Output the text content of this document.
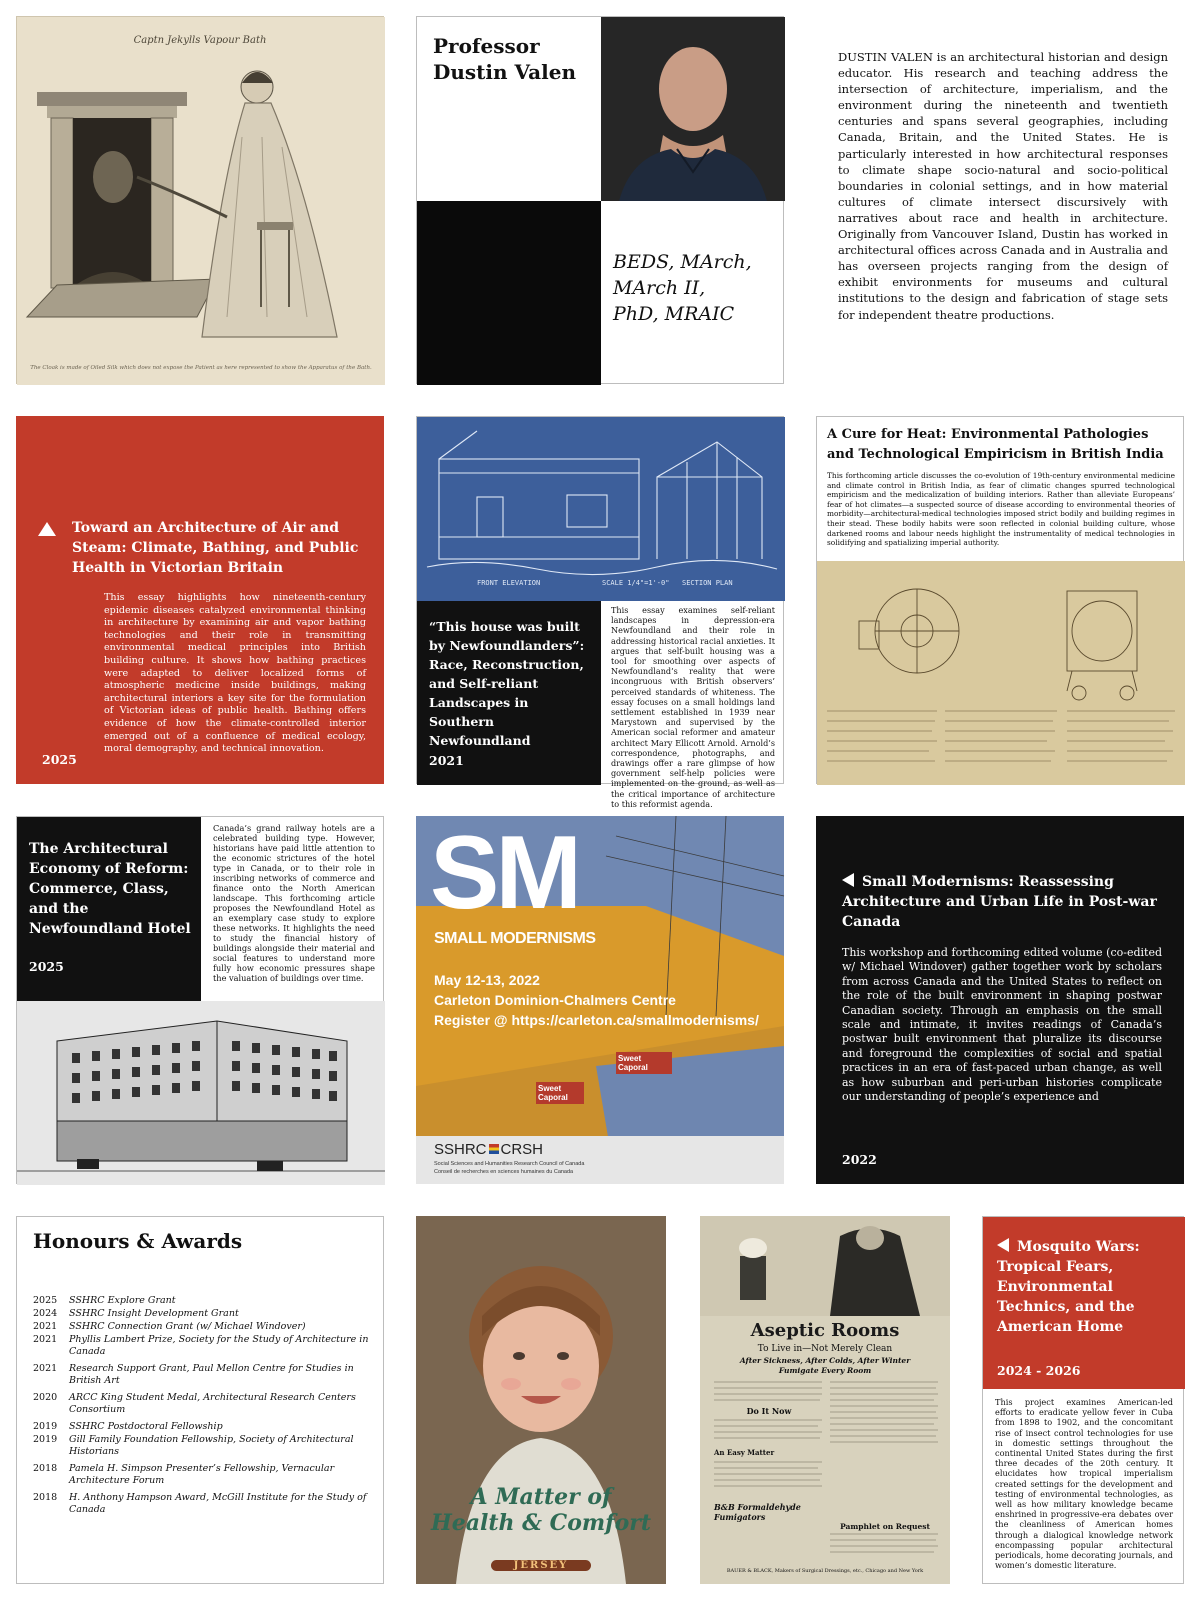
Captn Jekylls Vapour Bath
The Cloak is made of Oiled Silk which does not expose the Patient as here represented to show the Apparatus of the Bath.
Professor
Dustin Valen
BEDS, MArch,
MArch II,
PhD, MRAIC
DUSTIN VALEN is an architectural historian and design educator. His research and teaching address the intersection of architecture, imperialism, and the environment during the nineteenth and twentieth centuries and spans several geographies, including Canada, Britain, and the United States. He is particularly interested in how architectural responses to climate shape socio-natural and socio-political boundaries in colonial settings, and in how material cultures of climate intersect discursively with narratives about race and health in architecture. Originally from Vancouver Island, Dustin has worked in architectural offices across Canada and in Australia and has overseen projects ranging from the design of exhibit environments for museums and cultural institutions to the design and fabrication of stage sets for independent theatre productions.
Toward an Architecture of Air and Steam: Climate, Bathing, and Public Health in Victorian Britain
This essay highlights how nineteenth-century epidemic diseases catalyzed environmental thinking in architecture by examining air and vapor bathing technologies and their role in transmitting environmental medical principles into British building culture. It shows how bathing practices were adapted to deliver localized forms of atmospheric medicine inside buildings, making architectural interiors a key site for the formulation of Victorian ideas of public health. Bathing offers evidence of how the climate-controlled interior emerged out of a confluence of medical ecology, moral demography, and technical innovation.
2025
FRONT ELEVATION	SCALE 1/4"=1'-0" SECTION PLAN
“This house was built by Newfoundlanders”: Race, Reconstruction, and Self-reliant Landscapes in Southern Newfoundland
2021
This essay examines self-reliant landscapes in depression-era Newfoundland and their role in addressing historical racial anxieties. It argues that self-built housing was a tool for smoothing over aspects of Newfoundland’s reality that were incongruous with British observers’ perceived standards of whiteness. The essay focuses on a small holdings land settlement established in 1939 near Marystown and supervised by the American social reformer and amateur architect Mary Ellicott Arnold. Arnold’s correspondence, photographs, and drawings offer a rare glimpse of how government self-help policies were implemented on the ground, as well as the critical importance of architecture to this reformist agenda.
A Cure for Heat: Environmental Pathologies and Technological Empiricism in British India
This forthcoming article discusses the co-evolution of 19th-century environmental medicine and climate control in British India, as fear of climatic changes spurred technological empiricism and the medicalization of building interiors. Rather than alleviate Europeans’ fear of hot climates—a suspected source of disease according to environmental theories of morbidity—architectural-medical technologies imposed strict bodily and building regimes in their stead. These bodily habits were soon reflected in colonial building culture, whose darkened rooms and labour needs highlight the instrumentality of medical technologies in solidifying and spatializing imperial authority.
The Architectural Economy of Reform: Commerce, Class, and the Newfoundland Hotel
2025
Canada’s grand railway hotels are a celebrated building type. However, historians have paid little attention to the economic strictures of the hotel type in Canada, or to their role in inscribing networks of commerce and finance onto the North American landscape. This forthcoming article proposes the Newfoundland Hotel as an exemplary case study to explore these networks. It highlights the need to study the financial history of buildings alongside their material and social features to understand more fully how economic pressures shape the valuation of buildings over time.
SM
SMALL MODERNISMS
May 12-13, 2022
Carleton Dominion-Chalmers Centre
Register @ https://carleton.ca/smallmodernisms/
Sweet Caporal
Sweet Caporal
SSHRC CRSH
Social Sciences and Humanities Research Council of Canada
Conseil de recherches en sciences humaines du Canada
Small Modernisms: Reassessing Architecture and Urban Life in Post-war Canada
This workshop and forthcoming edited volume (co-edited w/ Michael Windover) gather together work by scholars from across Canada and the United States to reflect on the role of the built environment in shaping postwar Canadian society. Through an emphasis on the small scale and intimate, it invites readings of Canada’s postwar built environment that pluralize its discourse and foreground the complexities of social and spatial practices in an era of fast-paced urban change, as well as how suburban and peri-urban histories complicate our understanding of people’s experience and
2022
Honours & Awards
2025	SSHRC Explore Grant
2024	SSHRC Insight Development Grant
2021	SSHRC Connection Grant (w/ Michael Windover)
2021	Phyllis Lambert Prize, Society for the Study of Architecture in Canada
2021	Research Support Grant, Paul Mellon Centre for Studies in British Art
2020	ARCC King Student Medal, Architectural Research Centers Consortium
2019	SSHRC Postdoctoral Fellowship
2019	Gill Family Foundation Fellowship, Society of Architectural Historians
2018	Pamela H. Simpson Presenter’s Fellowship, Vernacular Architecture Forum
2018	H. Anthony Hampson Award, McGill Institute for the Study of Canada	A Matter of
Health & Comfort
JERSEY
Aseptic Rooms
To Live in—Not Merely Clean
After Sickness, After Colds, After Winter
Fumigate Every Room
Do It Now
An Easy Matter
B&B Formaldehyde Fumigators
Pamphlet on Request
BAUER & BLACK, Makers of Surgical Dressings, etc., Chicago and New York
Mosquito Wars: Tropical Fears, Environmental Technics, and the American Home
2024 - 2026
This project examines American-led efforts to eradicate yellow fever in Cuba from 1898 to 1902, and the concomitant rise of insect control technologies for use in domestic settings throughout the continental United States during the first three decades of the 20th century. It elucidates how tropical imperialism created settings for the development and testing of environmental technologies, as well as how military knowledge became enshrined in progressive-era debates over the cleanliness of American homes through a dialogical knowledge network encompassing popular architectural periodicals, home decorating journals, and women’s domestic literature.
